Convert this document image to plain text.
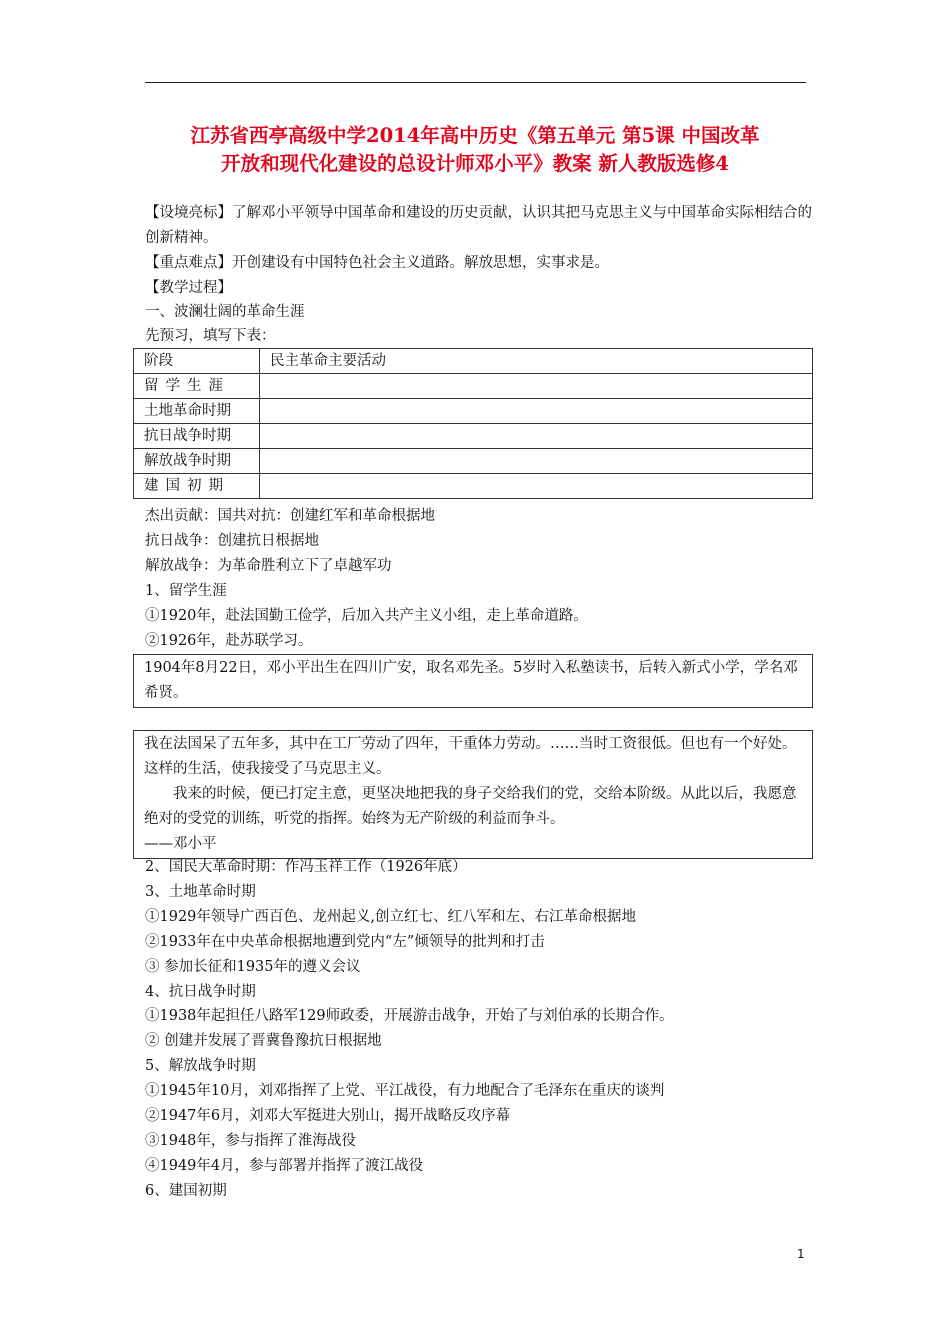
江苏省西亭高级中学2014年高中历史《第五单元 第5课 中国改革
开放和现代化建设的总设计师邓小平》教案 新人教版选修4

【设境亮标】了解邓小平领导中国革命和建设的历史贡献，认识其把马克思主义与中国革命实际相结合的创新精神。

【重点难点】开创建设有中国特色社会主义道路。解放思想，实事求是。

【教学过程】

一、波澜壮阔的革命生涯

先预习，填写下表：

阶段	民主革命主要活动
留学生涯	
土地革命时期	
抗日战争时期	
解放战争时期	
建国初期	

杰出贡献：国共对抗：创建红军和革命根据地

抗日战争：创建抗日根据地

解放战争：为革命胜利立下了卓越军功

1、留学生涯

①1920年，赴法国勤工俭学，后加入共产主义小组，走上革命道路。

②1926年，赴苏联学习。

1904年8月22日，邓小平出生在四川广安，取名邓先圣。5岁时入私塾读书，后转入新式小学，学名邓希贤。

我在法国呆了五年多，其中在工厂劳动了四年，干重体力劳动。……当时工资很低。但也有一个好处。这样的生活，使我接受了马克思主义。

我来的时候，便已打定主意，更坚决地把我的身子交给我们的党，交给本阶级。从此以后，我愿意绝对的受党的训练，听党的指挥。始终为无产阶级的利益而争斗。

——邓小平

2、国民大革命时期：作冯玉祥工作（1926年底）

3、土地革命时期

①1929年领导广西百色、龙州起义,创立红七、红八军和左、右江革命根据地

②1933年在中央革命根据地遭到党内“左”倾领导的批判和打击

③ 参加长征和1935年的遵义会议

4、抗日战争时期

①1938年起担任八路军129师政委，开展游击战争，开始了与刘伯承的长期合作。

② 创建并发展了晋冀鲁豫抗日根据地

5、解放战争时期

①1945年10月，刘邓指挥了上党、平江战役，有力地配合了毛泽东在重庆的谈判

②1947年6月，刘邓大军挺进大别山，揭开战略反攻序幕

③1948年，参与指挥了淮海战役

④1949年4月，参与部署并指挥了渡江战役

6、建国初期

1
